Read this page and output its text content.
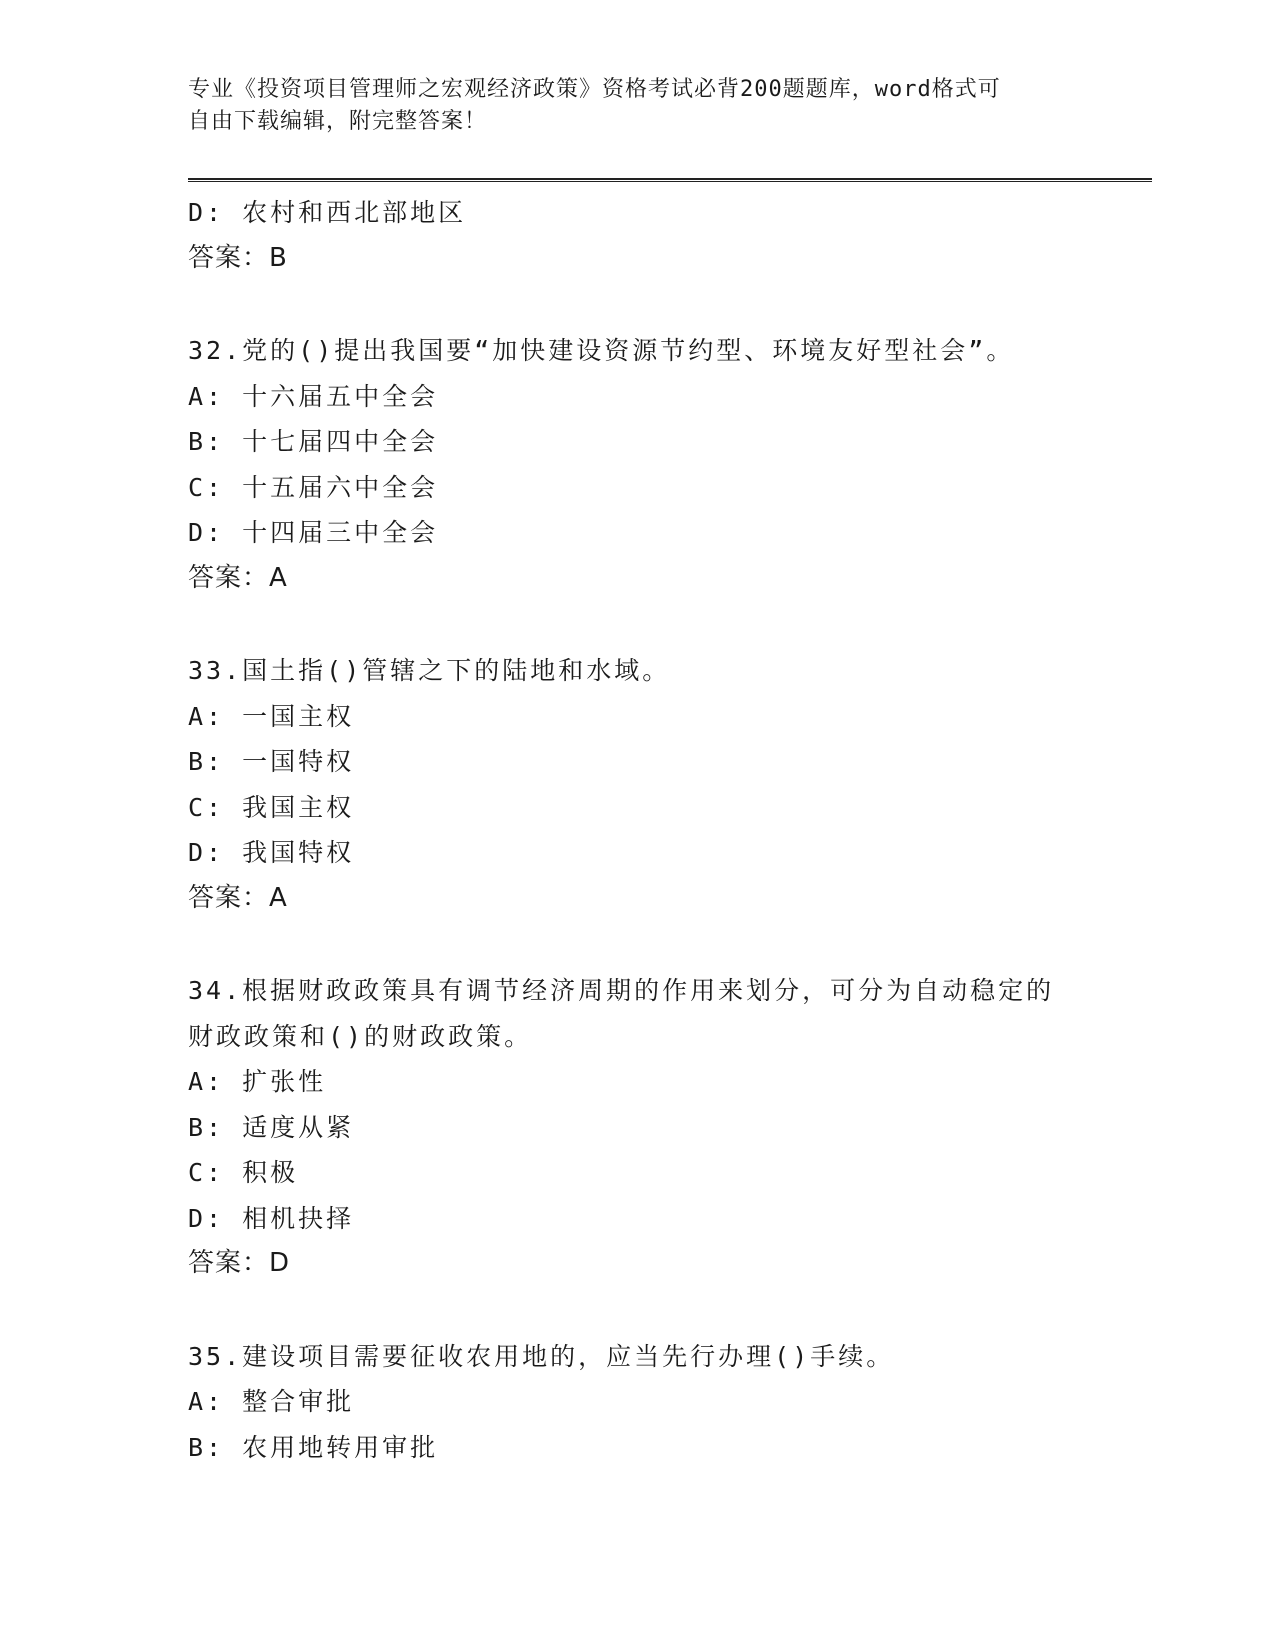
专业《投资项目管理师之宏观经济政策》资格考试必背200题题库，word格式可
自由下载编辑，附完整答案！
D: 农村和西北部地区
答案：B
32.党的()提出我国要“加快建设资源节约型、环境友好型社会”。
A: 十六届五中全会
B: 十七届四中全会
C: 十五届六中全会
D: 十四届三中全会
答案：A
33.国土指()管辖之下的陆地和水域。
A: 一国主权
B: 一国特权
C: 我国主权
D: 我国特权
答案：A
34.根据财政政策具有调节经济周期的作用来划分，可分为自动稳定的
财政政策和()的财政政策。
A: 扩张性
B: 适度从紧
C: 积极
D: 相机抉择
答案：D
35.建设项目需要征收农用地的，应当先行办理()手续。
A: 整合审批
B: 农用地转用审批
